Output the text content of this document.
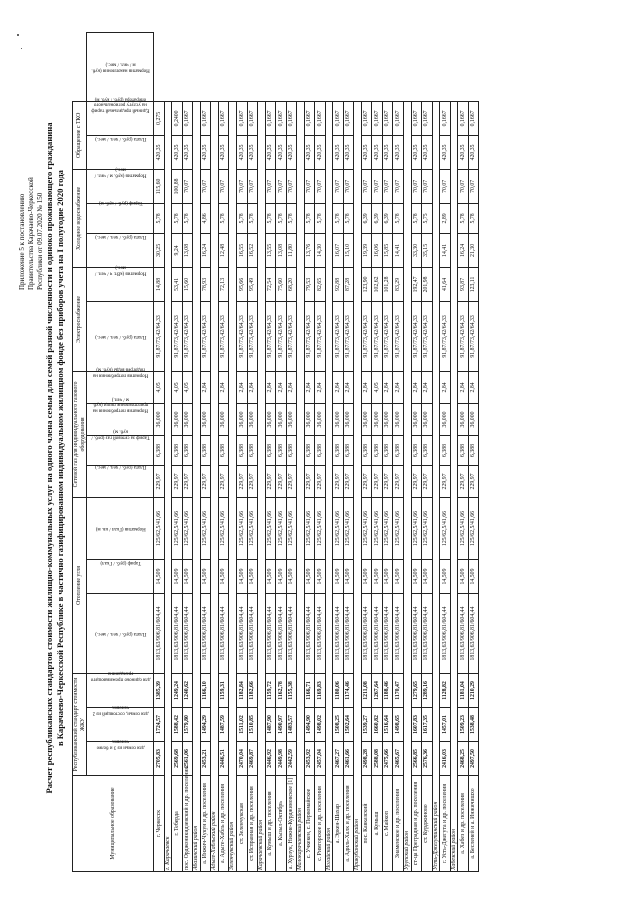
Приложение 5 к постановлению Правительства Карачаево-Черкесской Республики от 09.07.2020 № 150 Расчет республиканских стандартов стоимости жилищно-коммунальных услуг на одного члена семьи для семей разной численности и одиноко проживающего гражданина в Карачаево-Черкесской Республике в частично газифицированном индивидуальном жилищном фонде без приборов учета на I полугодие 2020 года
Муниципальное образование	Республиканский стандарт стоимости ЖКУ			Отопление угля			Сетевой газ для индивидуального газового оборудования				Электроснабжение		Холодное водоснабжение			Обращение с ТКО		
	для семьи из 3 и более человек	для семьи, состоящей из 2 человек	для одиноко проживающего гражданина	Плата (руб. / чел. / мес.)	Тариф (руб. / Гкал)	Норматив (Гкал / кв. м)	Плата (руб. / чел. / мес.)	Тариф за сетевой газ (руб. / куб. м)	Норматив потребления на приготовление пищи (куб. м / чел.)	Норматив потребления на подогрев воды (куб. м)	Плата (руб. / чел. / мес.)	Норматив (кВт. ч / чел. / мес.)	Плата (руб. / чел. / мес.)	Тариф (руб. / куб. м)	Норматив (куб. м / чел. / мес.)	Плата (руб. / чел. / мес.)	Единый предельный тариф на услугу регионального оператора (руб. / куб. м)	Норматив накопления (куб. м / чел. / мес.)
г. Черкесск	2705,83	1724,57	1385,39	1813,63/906,81/604,44	14,509	125/62,5/41,66	229,97	6,388	36,000	4,05	91,87/73,42/64,33	14,88	30,25	5,78	115,60	420,35	0,275	
г. Карачаевск																		
г. Теберда	2569,68	1588,42	1249,24	1813,63/906,81/604,44	14,509	125/62,5/41,66	229,97	6,388	36,000	4,05	91,87/73,42/64,33	53,41	9,24	5,78	100,88	420,35	0,2400	
пос. Орджоникидзевский и др. поселения	2561,06	1579,80	1240,62	1813,63/906,81/604,44	14,509	125/62,5/41,66	229,97	6,388	36,000	4,05	91,87/73,42/64,33	15,60	13,08	5,78	70,07	420,35	0,1667	
Абазинский район																		
а. Инжич-Чукун и др. поселения	2453,21	1494,29	1166,10	1813,63/906,81/604,44	14,509	125/62,5/41,66	229,97	6,388	36,000	2,84	91,87/73,42/64,33	78,93	16,24	4,86	70,07	420,35	0,1667	
Адыге-Хабльский район																		
а. Адыге-Хабль и др. поселения	2446,51	1487,59	1159,31	1813,63/906,81/604,44	14,509	125/62,5/41,66	229,97	6,388	36,000	2,84	91,87/73,42/64,33	72,13	12,48	5,78	70,07	420,35	0,1667	
Зеленчукский район																		
ст. Зеленчукская	2470,04	1511,02	1182,84	1813,63/906,81/604,44	14,509	125/62,5/41,66	229,97	6,388	36,000	2,84	91,87/73,42/64,33	95,66	16,55	5,78	70,07	420,35	0,1667	
ст. Исправная и др. поселения	2469,87	1510,85	1182,66	1813,63/906,81/604,44	14,509	125/62,5/41,66	229,97	6,388	36,000	2,84	91,87/73,42/64,33	95,49	16,52	5,78	70,07	420,35	0,1667	
Карачаевский район																		
а. Кумыш и др. поселения	2446,92	1487,90	1159,72	1813,63/906,81/604,44	14,509	125/62,5/41,66	229,97	6,388	36,000	2,84	91,87/73,42/64,33	72,54	13,55	5,78	70,07	420,35	0,1667	
а. Кызыл-Октябрь	2449,98	1490,97	1162,78	1813,63/906,81/604,44	14,509	125/62,5/41,66	229,97	6,388	36,000	2,84	91,87/73,42/64,33	75,60	13,08	5,78	70,07	420,35	0,1667	
а. Хурзук, Нижне-Курджиновское [1]	2442,59	1483,57	1155,38	1813,63/906,81/604,44	14,509	125/62,5/41,66	229,97	6,388	36,000	2,84	91,87/73,42/64,33	68,20	11,80	5,78	70,07	420,35	0,1667	
Малокарачаевский район																		
с. Учкекен, с. Первомайское	2453,92	1494,90	1166,71	1813,63/906,81/604,44	14,509	125/62,5/41,66	229,97	6,388	36,000	2,84	91,87/73,42/64,33	79,53	13,76	5,78	70,07	420,35	0,1667	
с. Римгорское и др. поселения	2457,04	1498,02	1169,83	1813,63/906,81/604,44	14,509	125/62,5/41,66	229,97	6,388	36,000	2,84	91,87/73,42/64,33	82,65	14,30	5,78	70,07	420,35	0,1667	
Ногайский район																		
а. Эркен-Шахар	2467,27	1508,25	1180,06	1813,63/906,81/604,44	14,509	125/62,5/41,66	229,97	6,388	36,000	2,84	91,87/73,42/64,33	92,88	16,07	5,78	70,07	420,35	0,1667	
а. Адиль-Халк и др. поселения	2461,66	1502,64	1174,46	1813,63/906,81/604,44	14,509	125/62,5/41,66	229,97	6,388	36,000	2,84	91,87/73,42/64,33	87,28	15,10	5,78	70,07	420,35	0,1667	
Прикубанский район																		
пос. Кавказский	2498,28	1539,27	1211,08	1813,63/906,81/604,44	14,509	125/62,5/41,66	229,97	6,388	36,000	2,84	91,87/73,42/64,33	123,90	19,39	6,39	70,07	420,35	0,1667	
а. Кумыш	2588,08	1660,82	1267,64	1813,63/906,81/604,44	14,509	125/62,5/41,66	229,97	6,388	36,000	4,05	91,87/73,42/64,33	102,62	16,06	6,39	70,07	420,35	0,1667	
с. Майкоп	2475,66	1516,64	1188,46	1813,63/906,81/604,44	14,509	125/62,5/41,66	229,97	6,388	36,000	2,84	91,87/73,42/64,33	101,28	15,85	6,39	70,07	420,35	0,1667	
Знаменское и др. поселения	2465,67	1498,65	1170,47	1813,63/906,81/604,44	14,509	125/62,5/41,66	229,97	6,388	36,000	2,84	91,87/73,42/64,33	83,29	14,41	5,78	70,07	420,35	0,1667	
Урупский район																		
ст-ца Преградная и др. поселения	2566,85	1607,83	1279,65	1813,63/906,81/604,44	14,509	125/62,5/41,66	229,97	6,388	36,000	2,84	91,87/73,42/64,33	192,47	33,30	5,78	70,07	420,35	0,1667	
ст. Курджиново	2576,36	1617,35	1289,16	1813,63/906,81/604,44	14,509	125/62,5/41,66	229,97	6,388	36,000	2,84	91,87/73,42/64,33	201,98	35,15	5,75	70,07	420,35	0,1667	
Усть-Джегутинский район																		
г. Усть-Джегута и др. поселения	2416,03	1457,01	1128,82	1813,63/906,81/604,44	14,509	125/62,5/41,66	229,97	6,388	36,000	2,84	91,87/73,42/64,33	41,64	14,41	2,89	70,07	420,35	0,1667	
Хабезский район																		
а. Хабез и др. поселения	2468,25	1509,23	1181,04	1813,63/906,81/604,44	14,509	125/62,5/41,66	229,97	6,388	36,000	2,84	91,87/73,42/64,33	93,87	16,24	5,78	70,07	420,35	0,1667	
а. Бесленей и а. Инжичишхо	2497,50	1538,48	1210,29	1813,63/906,81/604,44	14,509	125/62,5/41,66	229,97	6,388	36,000	2,84	91,87/73,42/64,33	123,11	21,30	5,78	70,07	420,35	0,1667	
